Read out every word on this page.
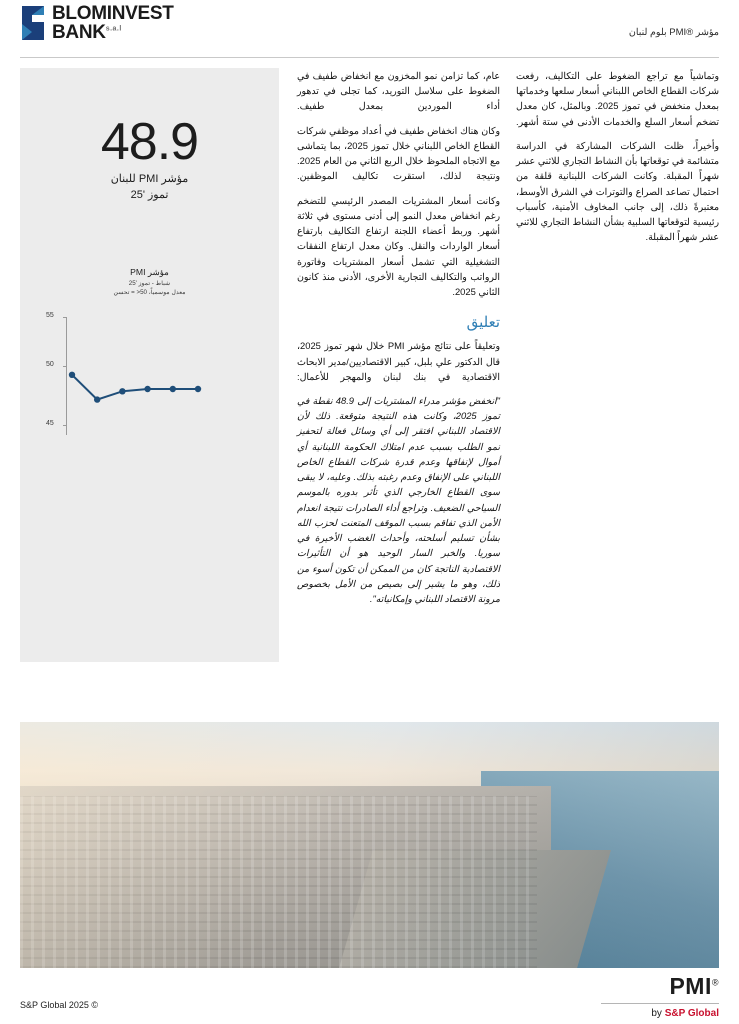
BLOMINVEST
$BANK^{s.a.l}$	مؤشر ®PMI بلوم لنبان

وتماشياً مع تراجع الضغوط على التكاليف، رفعت شركات القطاع الخاص اللبناني أسعار سلعها وخدماتها بمعدل منخفض في تموز 2025. وبالمثل، كان معدل تضخم أسعار السلع والخدمات الأدنى في ستة أشهر.

وأخيراً، ظلت الشركات المشاركة في الدراسة متشائمة في توقعاتها بأن النشاط التجاري للاثني عشر شهراً المقبلة. وكانت الشركات اللبنانية قلقة من احتمال تصاعد الصراع والتوترات في الشرق الأوسط، معتبرةً ذلك، إلى جانب المخاوف الأمنية، كأسباب رئيسية لتوقعاتها السلبية بشأن النشاط التجاري للاثني عشر شهراً المقبلة.

عام، كما تزامن نمو المخزون مع انخفاض طفيف في الضغوط على سلاسل التوريد، كما تجلى في تدهور أداء الموردين بمعدل طفيف.

وكان هناك انخفاض طفيف في أعداد موظفي شركات القطاع الخاص اللبناني خلال تموز 2025، بما يتماشى مع الاتجاه الملحوظ خلال الربع الثاني من العام 2025. ونتيجة لذلك، استقرت تكاليف الموظفين.

وكانت أسعار المشتريات المصدر الرئيسي للتضخم رغم انخفاض معدل النمو إلى أدنى مستوى في ثلاثة أشهر. وربط أعضاء اللجنة ارتفاع التكاليف بارتفاع أسعار الواردات والنقل. وكان معدل ارتفاع النفقات التشغيلية التي تشمل أسعار المشتريات وفاتورة الرواتب والتكاليف التجارية الأخرى، الأدنى منذ كانون الثاني 2025.

تعليق

وتعليقاً على نتائج مؤشر PMI خلال شهر تموز 2025، قال الدكتور علي بلبل، كبير الاقتصاديين/مدير الابحاث الاقتصادية في بنك لبنان والمهجر للأعمال:

"انخفض مؤشر مدراء المشتريات إلى 48.9 نقطة في تموز 2025، وكانت هذه النتيجة متوقعة. ذلك لأن الاقتصاد اللبناني افتقر إلى أي وسائل فعالة لتحفيز نمو الطلب بسبب عدم امتلاك الحكومة اللبنانية أي أموال لإنفاقها وعدم قدرة شركات القطاع الخاص اللبناني على الإنفاق وعدم رغبته بذلك. وعليه، لا يبقى سوى القطاع الخارجي الذي تأثر بدوره بالموسم السياحي الضعيف. وتراجع أداء الصادرات نتيجة انعدام الأمن الذي تفاقم بسبب الموقف المتعنت لحزب الله بشأن تسليم أسلحته، وأحداث الغضب الأخيرة في سوريا. والخبر السار الوحيد هو أن التأثيرات الاقتصادية الناتجة كان من الممكن أن تكون أسوء من ذلك، وهو ما يشير إلى بصيص من الأمل بخصوص مرونة الاقتصاد اللبناني وإمكانياته".

48.9
مؤشر PMI للبنان
تموز '25
مؤشر PMI
شباط - تموز '25
معدل موسمياً، 50< = تحسن
55
50
45
S&P Global 2025 ©
PMI®
by S&P Global
